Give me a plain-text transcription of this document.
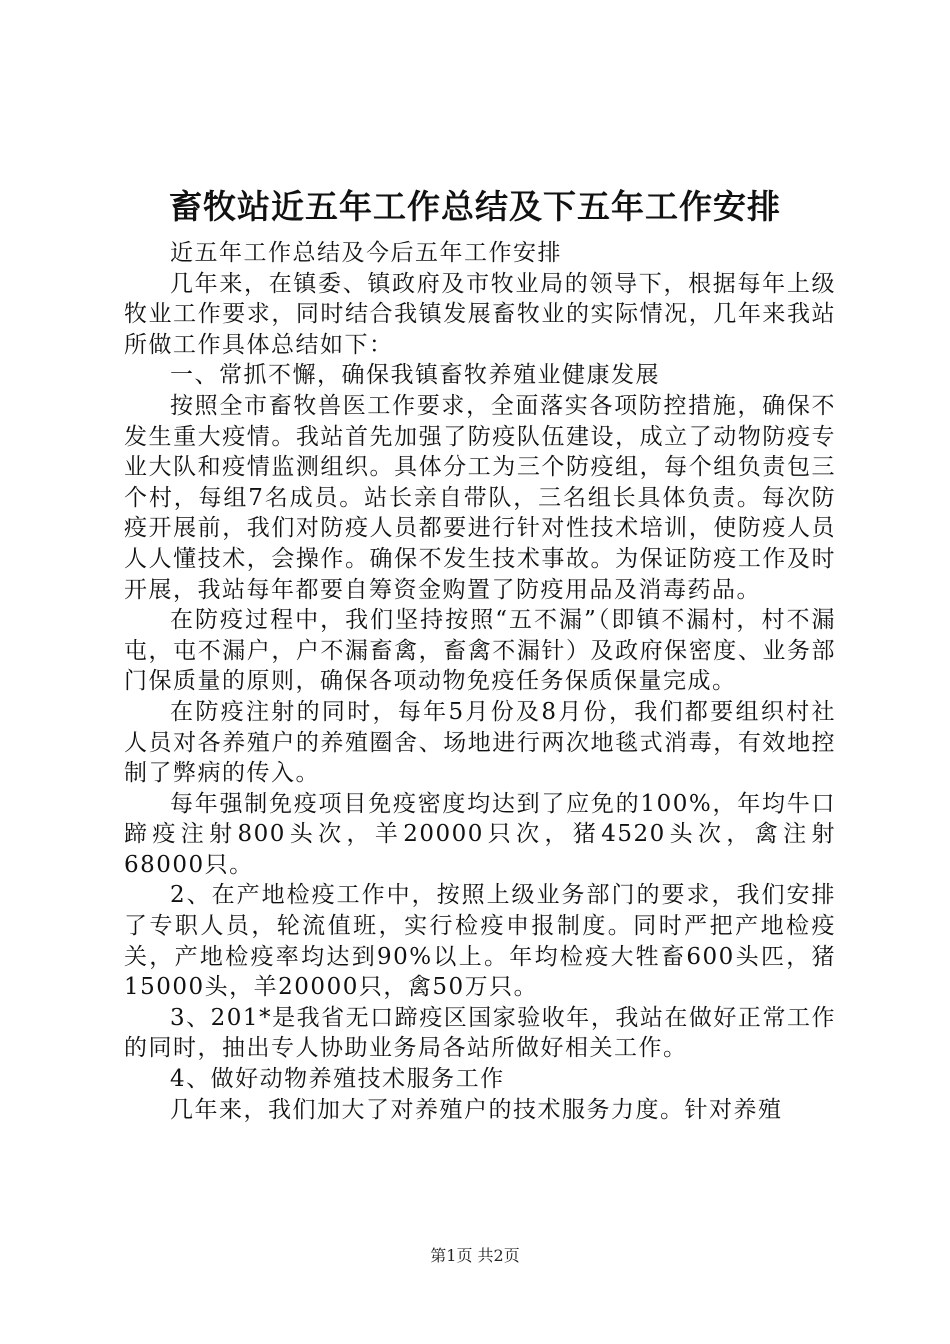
畜牧站近五年工作总结及下五年工作安排

近五年工作总结及今后五年工作安排

几年来，在镇委、镇政府及市牧业局的领导下，根据每年上级牧业工作要求，同时结合我镇发展畜牧业的实际情况，几年来我站所做工作具体总结如下：

一、常抓不懈，确保我镇畜牧养殖业健康发展

按照全市畜牧兽医工作要求，全面落实各项防控措施，确保不发生重大疫情。我站首先加强了防疫队伍建设，成立了动物防疫专业大队和疫情监测组织。具体分工为三个防疫组，每个组负责包三个村，每组7名成员。站长亲自带队，三名组长具体负责。每次防疫开展前，我们对防疫人员都要进行针对性技术培训，使防疫人员人人懂技术，会操作。确保不发生技术事故。为保证防疫工作及时开展，我站每年都要自筹资金购置了防疫用品及消毒药品。

在防疫过程中，我们坚持按照“五不漏”（即镇不漏村，村不漏屯，屯不漏户，户不漏畜禽，畜禽不漏针）及政府保密度、业务部门保质量的原则，确保各项动物免疫任务保质保量完成。

在防疫注射的同时，每年5月份及8月份，我们都要组织村社人员对各养殖户的养殖圈舍、场地进行两次地毯式消毒，有效地控制了弊病的传入。

每年强制免疫项目免疫密度均达到了应免的100%，年均牛口蹄疫注射800头次，羊20000只次，猪4520头次，禽注射68000只。

2、在产地检疫工作中，按照上级业务部门的要求，我们安排了专职人员，轮流值班，实行检疫申报制度。同时严把产地检疫关，产地检疫率均达到90%以上。年均检疫大牲畜600头匹，猪15000头，羊20000只，禽50万只。

3、201*是我省无口蹄疫区国家验收年，我站在做好正常工作的同时，抽出专人协助业务局各站所做好相关工作。

4、做好动物养殖技术服务工作

几年来，我们加大了对养殖户的技术服务力度。针对养殖

第1页 共2页
